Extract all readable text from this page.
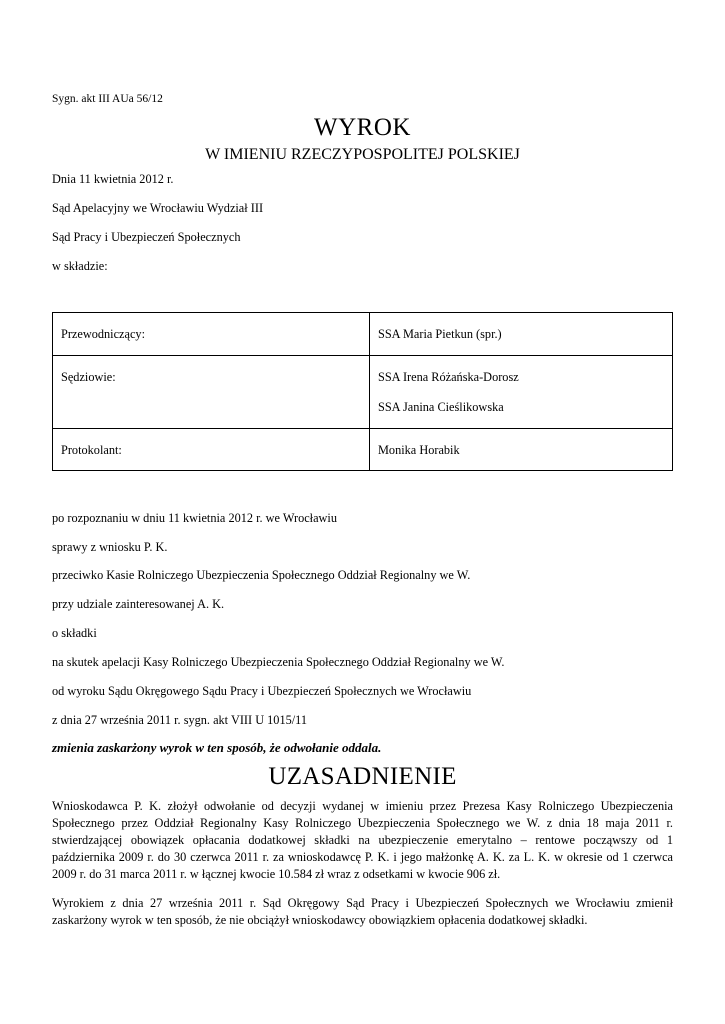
Sygn. akt III AUa 56/12
WYROK
W IMIENIU RZECZYPOSPOLITEJ POLSKIEJ
Dnia 11 kwietnia 2012 r.
Sąd Apelacyjny we Wrocławiu Wydział III
Sąd Pracy i Ubezpieczeń Społecznych
w składzie:
Przewodniczący:	SSA Maria Pietkun (spr.)

Sędziowie:	SSA Irena Różańska-Dorosz
SSA Janina Cieślikowska

Protokolant:	Monika Horabik
po rozpoznaniu w dniu 11 kwietnia 2012 r. we Wrocławiu
sprawy z wniosku P. K.
przeciwko Kasie Rolniczego Ubezpieczenia Społecznego Oddział Regionalny we W.
przy udziale zainteresowanej A. K.
o składki
na skutek apelacji Kasy Rolniczego Ubezpieczenia Społecznego Oddział Regionalny we W.
od wyroku Sądu Okręgowego Sądu Pracy i Ubezpieczeń Społecznych we Wrocławiu
z dnia 27 września 2011 r. sygn. akt VIII U 1015/11
zmienia zaskarżony wyrok w ten sposób, że odwołanie oddala.
UZASADNIENIE
Wnioskodawca P. K. złożył odwołanie od decyzji wydanej w imieniu przez Prezesa Kasy Rolniczego Ubezpieczenia Społecznego przez Oddział Regionalny Kasy Rolniczego Ubezpieczenia Społecznego we W. z dnia 18 maja 2011 r. stwierdzającej obowiązek opłacania dodatkowej składki na ubezpieczenie emerytalno – rentowe począwszy od 1 października 2009 r. do 30 czerwca 2011 r. za wnioskodawcę P. K. i jego małżonkę A. K. za L. K. w okresie od 1 czerwca 2009 r. do 31 marca 2011 r. w łącznej kwocie 10.584 zł wraz z odsetkami w kwocie 906 zł.
Wyrokiem z dnia 27 września 2011 r. Sąd Okręgowy Sąd Pracy i Ubezpieczeń Społecznych we Wrocławiu zmienił zaskarżony wyrok w ten sposób, że nie obciążył wnioskodawcy obowiązkiem opłacenia dodatkowej składki.
